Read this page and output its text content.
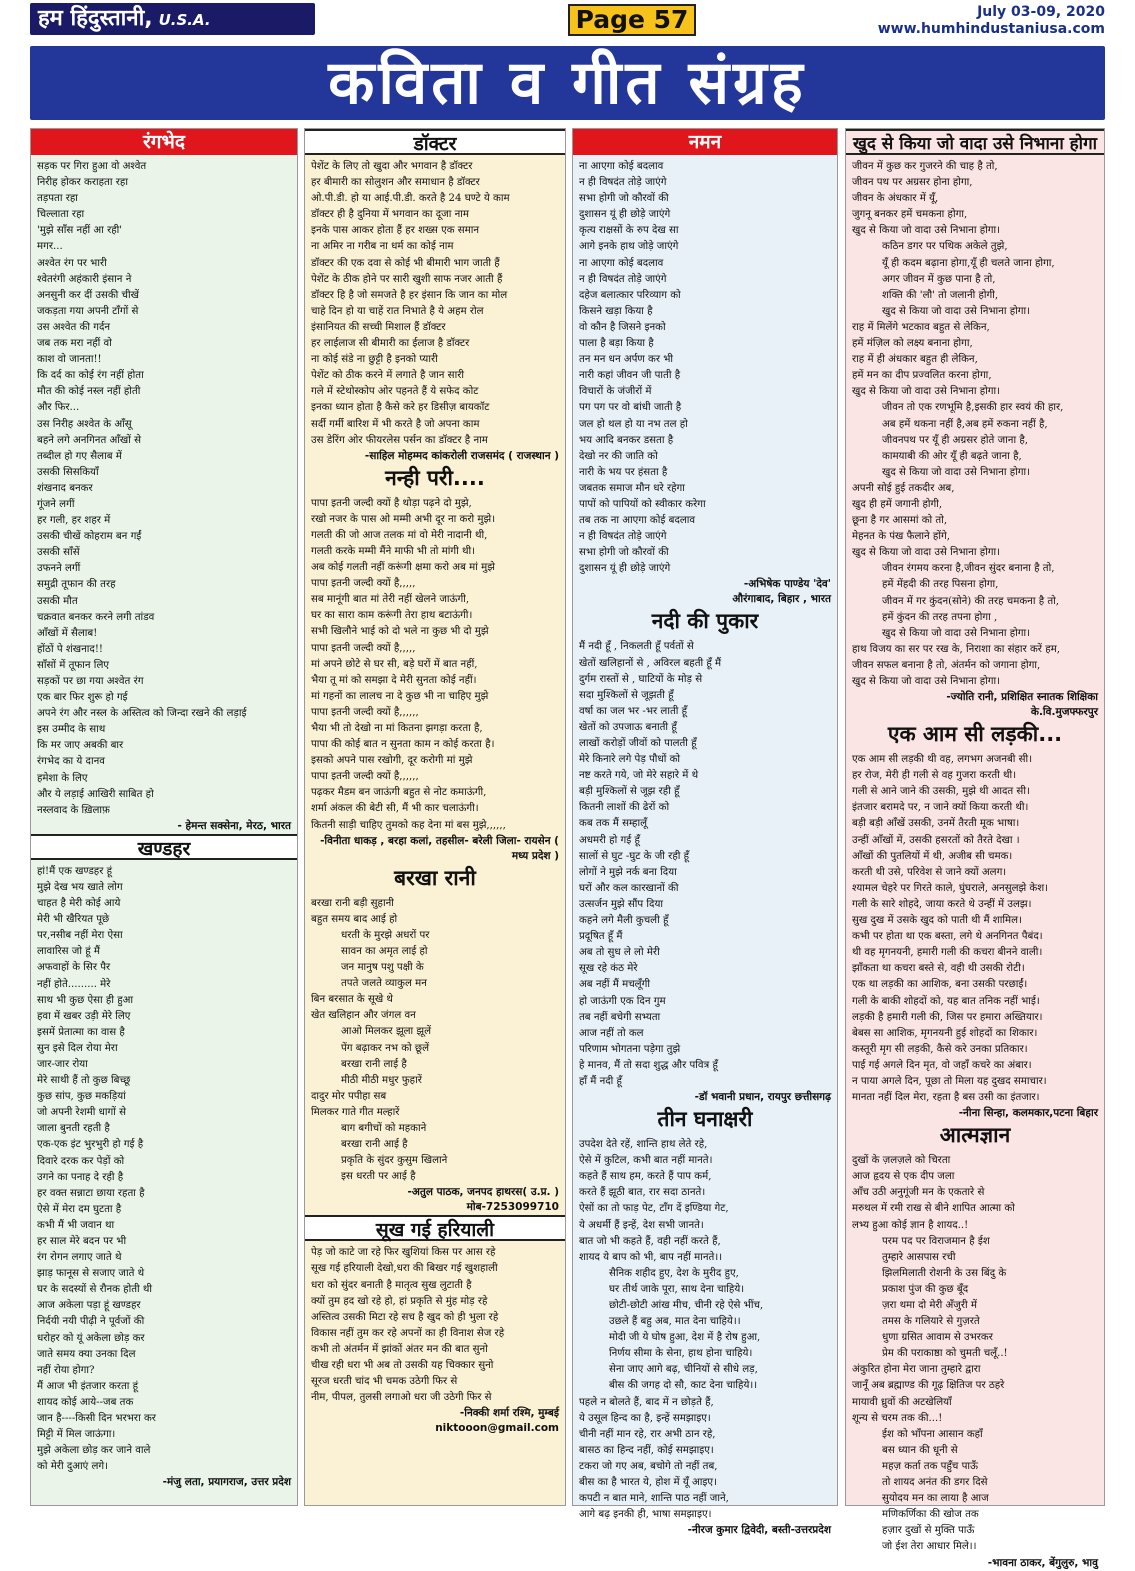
हम हिंदुस्तानी, U.S.A.	Page 57	July 03-09, 2020
www.humhindustaniusa.com
कविता व गीत संग्रह
रंगभेद
सड़क पर गिरा हुआ वो अश्वेत
निरीह होकर कराहता रहा
तड़पता रहा
चिल्लाता रहा
'मुझे साँस नहीं आ रही'
मगर...
अश्वेत रंग पर भारी
श्वेतरंगी अहंकारी इंसान ने
अनसुनी कर दीं उसकी चीखें
जकड़ता गया अपनी टाँगों से
उस अश्वेत की गर्दन
जब तक मरा नहीं वो
काश वो जानता!!
कि दर्द का कोई रंग नहीं होता
मौत की कोई नस्ल नहीं होती
और फिर...
उस निरीह अश्वेत के आँसू
बहने लगे अनगिनत आँखों से
तब्दील हो गए सैलाब में
उसकी सिसकियाँ
शंखनाद बनकर
गूंजने लगीं
हर गली, हर शहर में
उसकी चीखें कोहराम बन गईं
उसकी साँसें
उफनने लगीं
समुद्री तूफान की तरह
उसकी मौत
चक्रवात बनकर करने लगी तांडव
आँखों में सैलाब!
होंठों पे शंखनाद!!
साँसों में तूफान लिए
सड़कों पर छा गया अश्वेत रंग
एक बार फिर शुरू हो गई
अपने रंग और नस्ल के अस्तित्व को जिन्दा रखने की लड़ाई
इस उम्मीद के साथ
कि मर जाए अबकी बार
रंगभेद का ये दानव
हमेशा के लिए
और ये लड़ाई आखिरी साबित हो
नस्लवाद के ख़िलाफ़
- हेमन्त सक्सेना, मेरठ, भारत
खण्डहर
हां!मैं एक खण्डहर हूं
मुझे देख भय खाते लोग
चाहत है मेरी कोई आये
मेरी भी खैरियत पूछे
पर,नसीब नहीं मेरा ऐसा
लावारिस जो हूं मैं
अफवाहों के सिर पैर
नहीं होते......... मेरे
साथ भी कुछ ऐसा ही हुआ
हवा में खबर उड़ी मेरे लिए
इसमें प्रेतात्मा का वास है
सुन इसे दिल रोया मेरा
जार-जार रोया
मेरे साथी हैं तो कुछ बिच्छू
कुछ सांप, कुछ मकड़ियां
जो अपनी रेशमी धागों से
जाला बुनती रहती है
एक-एक इंट भुरभुरी हो गई है
दिवारे दरक कर पेड़ों को
उगने का पनाह दे रही है
हर वक्त सन्नाटा छाया रहता है
ऐसे में मेरा दम घुटता है
कभी मैं भी जवान था
हर साल मेरे बदन पर भी
रंग रोगन लगाए जाते थे
झाड़ फानूस से सजाए जाते थे
घर के सदस्यों से रौनक होती थी
आज अकेला पड़ा हूं खण्डहर
निर्दयी नयी पीढ़ी ने पूर्वजों की
धरोहर को यूं अकेला छोड़ कर
जाते समय क्या उनका दिल
नहीं रोया होगा?
मैं आज भी इंतजार करता हूं
शायद कोई आये--जब तक
जान है----किसी दिन भरभरा कर
मिट्टी में मिल जाऊंगा।
मुझे अकेला छोड़ कर जाने वाले
को मेरी दुआएं लगे।
-मंजु लता, प्रयागराज, उत्तर प्रदेश
डॉक्टर
पेशेंट के लिए तो खुदा और भगवान है डॉक्टर
हर बीमारी का सोलुशन और समाधान है डॉक्टर
ओ.पी.डी. हो या आई.पी.डी. करते है 24 घण्टे ये काम
डॉक्टर ही है दुनिया में भगवान का दूजा नाम
इनके पास आकर होता हैं हर शख्स एक समान
ना अमिर ना गरीब ना धर्म का कोई नाम
डॉक्टर की एक दवा से कोई भी बीमारी भाग जाती हैं
पेशेंट के ठीक होने पर सारी खुशी साफ नजर आती हैं
डॉक्टर हि है जो समजते है हर इंसान कि जान का मोल
चाहे दिन हो या चाहें रात निभाते है ये अहम रोल
इंसानियत की सच्ची मिशाल हैं डॉक्टर
हर लाईलाज सी बीमारी का ईलाज है डॉक्टर
ना कोई संडे ना छुट्टी है इनको प्यारी
पेशेंट को ठीक करने में लगाते है जान सारी
गले में स्टेथोस्कोप ओर पहनते हैं ये सफेद कोट
इनका ध्यान होता है कैसे करे हर डिसीज़ बायकॉट
सर्दी गर्मी बारिश में भी करते है जो अपना काम
उस डेरिंग ओर फीयरलेस पर्सन का डॉक्टर है नाम
-साहिल मोहम्मद कांकरोली राजसमंद ( राजस्थान )
नन्ही परी....
पापा इतनी जल्दी क्यों है थोड़ा पढ़ने दो मुझे,
रखो नजर के पास ओ मम्मी अभी दूर ना करो मुझे।
गलती की जो आज तलक मां वो मेरी नादानी थी,
गलती करके मम्मी मैंने माफी भी तो मांगी थी।
अब कोई गलती नहीं करूंगी क्षमा करो अब मां मुझे
पापा इतनी जल्दी क्यों है,,,,,
सब मानूंगी बात मां तेरी नहीं खेलने जाऊंगी,
घर का सारा काम करूंगी तेरा हाथ बटाऊंगी।
सभी खिलौने भाई को दो भले ना कुछ भी दो मुझे
पापा इतनी जल्दी क्यों है,,,,,
मां अपने छोटे से घर सी, बड़े घरों में बात नहीं,
भैया तू मां को समझा दे मेरी सुनता कोई नहीं।
मां गहनों का लालच ना दे कुछ भी ना चाहिए मुझे
पापा इतनी जल्दी क्यों है,,,,,,
भैया भी तो देखो ना मां कितना झगड़ा करता है,
पापा की कोई बात न सुनता काम न कोई करता है।
इसको अपने पास रखोगी, दूर करोगी मां मुझे
पापा इतनी जल्दी क्यों है,,,,,,
पढ़कर मैडम बन जाऊंगी बहुत से नोट कमाऊंगी,
शर्मा अंकल की बेटी सी, मैं भी कार चलाऊंगी।
कितनी साड़ी चाहिए तुमको कह देना मां बस मुझे,,,,,,
-विनीता धाकड़ , बरहा कलां, तहसील- बरेली जिला- रायसेन ( मध्य प्रदेश )
बरखा रानी
बरखा रानी बड़ी सुहानी
बहुत समय बाद आई हो
धरती के मुरझे अधरों पर
सावन का अमृत लाई हो
जन मानुष पशु पक्षी के
तपते जलते व्याकुल मन
बिन बरसात के सूखे थे
खेत खलिहान और जंगल वन
आओ मिलकर झूला झूलें
पेंग बढ़ाकर नभ को छूलें
बरखा रानी लाई है
मीठी मीठी मधुर फुहारें
दादुर मोर पपीहा सब
मिलकर गाते गीत मल्हारें
बाग बगीचों को महकाने
बरखा रानी आई है
प्रकृति के सुंदर कुसुम खिलाने
इस धरती पर आई है
-अतुल पाठक, जनपद हाथरस( उ.प्र. )
मोब-7253099710
सूख गई हरियाली
पेड़ जो काटे जा रहे फिर खुशियां किस पर आस रहे
सूख गई हरियाली देखो,धरा की बिखर गई खुशहाली
धरा को सुंदर बनाती है मातृत्व सुख लुटाती है
क्यों तुम हद खो रहे हो, हां प्रकृति से मुंह मोड़ रहे
अस्तित्व उसकी मिटा रहे सच है खुद को ही भुला रहे
विकास नहीं तुम कर रहे अपनों का ही विनाश सेज रहे
कभी तो अंतर्मन में झांकों अंतर मन की बात सुनो
चीख रही धरा भी अब तो उसकी यह चिक्कार सुनो
सूरज धरती चांद भी चमक उठेगी फिर से
नीम, पीपल, तुलसी लगाओ धरा जी उठेगी फिर से
-निक्की शर्मा रश्मि, मुम्बई
niktooon@gmail.com
नमन
ना आएगा कोई बदलाव
न ही विषदंत तोड़े जाएंगे
सभा होगी जो कौरवों की
दुशासन यूं ही छोड़े जाएंगे
कृत्य राक्षसों के रुप देख सा
आगे इनके हाथ जोड़े जाएंगे
ना आएगा कोई बदलाव
न ही विषदंत तोड़े जाएंगे
दहेज बलात्कार परिव्याग को
किसने खड़ा किया है
वो कौन है जिसने इनको
पाला है बड़ा किया है
तन मन धन अर्पण कर भी
नारी कहां जीवन जी पाती है
विचारों के जंजीरों में
पग पग पर वो बांधी जाती है
जल हो थल हो या नभ तल हो
भय आदि बनकर डसता है
देखो नर की जाति को
नारी के भय पर हंसता है
जबतक समाज मौन धरे रहेगा
पापों को पापियों को स्वीकार करेगा
तब तक ना आएगा कोई बदलाव
न ही विषदंत तोड़े जाएंगे
सभा होगी जो कौरवों की
दुशासन यूं ही छोड़े जाएंगे
-अभिषेक पाण्डेय 'देव'
औरंगाबाद, बिहार , भारत
नदी की पुकार
मैं नदी हूँ , निकलती हूँ पर्वतों से
खेतों खलिहानों से , अविरल बहती हूँ मैं
दुर्गम रास्तों से , घाटियों के मोड़ से
सदा मुश्किलों से जूझती हूँ
वर्षा का जल भर -भर लाती हूँ
खेतों को उपजाऊ बनाती हूँ
लाखों करोड़ों जीवों को पालती हूँ
मेरे किनारे लगे पेड़ पौधों को
नष्ट करते गये, जो मेरे सहारे में थे
बड़ी मुश्किलों से जूझ रही हूँ
कितनी लाशों की ढेरों को
कब तक मैं सम्हालूँ
अधमरी हो गई हूँ
सालों से घुट -घुट के जी रही हूँ
लोगों ने मुझे नर्क बना दिया
घरों और कल कारखानों की
उत्सर्जन मुझे सौंप दिया
कहने लगे मैली कुचली हूँ
प्रदूषित हूँ मैं
अब तो सुध ले लो मेरी
सूख रहे कंठ मेरे
अब नहीं मैं मचलूँगी
हो जाऊंगी एक दिन गुम
तब नहीं बचेगी सभ्यता
आज नहीं तो कल
परिणाम भोगतना पड़ेगा तुझे
हे मानव, मैं तो सदा शुद्ध और पवित्र हूँ
हाँ मैं नदी हूँ
-डॉ भवानी प्रधान, रायपुर छत्तीसगढ़
तीन घनाक्षरी
उपदेश देते रहें, शान्ति हाथ लेते रहे,
ऐसे में कुटिल, कभी बात नहीं मानते।
कहते हैं साथ हम, करते हैं पाप कर्म,
करते हैं झूठी बात, रार सदा ठानते।
ऐसों का तो फाड़ पेट, टाँग दें इण्डिया गेट,
ये अधर्मी हैं इन्हें, देश सभी जानते।
बात जो भी कहते हैं, वही नहीं करते हैं,
शायद ये बाप को भी, बाप नहीं मानते।।
सैनिक शहीद हुए, देश के मुरीद हुए,
घर तीर्थ जाके पूरा, साथ देना चाहिये।
छोटी-छोटी आंख मीच, चीनी रहे ऐसे भींच,
उछले हैं बहु अब, मात देना चाहिये।।
मोदी जी ये घोष हुआ, देश में है रोष हुआ,
निर्णय सीमा के सेना, हाथ होना चाहिये।
सेना जाए आगे बढ़, चीनियों से सीधे लड़,
बीस की जगह दो सौ, काट देना चाहिये।।
पहले न बोलते हैं, बाद में न छोड़ते हैं,
ये उसूल हिन्द का है, इन्हें समझाइए।
चीनी नहीं मान रहे, रार अभी ठान रहे,
बासठ का हिन्द नहीं, कोई समझाइए।
टकरा जो गए अब, बचोगे तो नहीं तब,
बीस का है भारत ये, होश में यूँ आइए।
कपटी न बात माने, शान्ति पाठ नहीं जाने,
आगे बढ़ इनकी ही, भाषा समझाइए।
-नीरज कुमार द्विवेदी, बस्ती-उत्तरप्रदेश
खुद से किया जो वादा उसे निभाना होगा
जीवन में कुछ कर गुजरने की चाह है तो,
जीवन पथ पर अग्रसर होना होगा,
जीवन के अंधकार में यूँ,
जुगनू बनकर हमें चमकना होगा,
खुद से किया जो वादा उसे निभाना होगा।
कठिन डगर पर पथिक अकेले तुझे,
यूँ ही कदम बढ़ाना होगा,यूँ ही चलते जाना होगा,
अगर जीवन में कुछ पाना है तो,
शक्ति की 'लौ' तो जलानी होगी,
खुद से किया जो वादा उसे निभाना होगा।
राह में मिलेंगे भटकाव बहुत से लेकिन,
हमें मंज़िल को लक्ष्य बनाना होगा,
राह में ही अंधकार बहुत ही लेकिन,
हमें मन का दीप प्रज्वलित करना होगा,
खुद से किया जो वादा उसे निभाना होगा।
जीवन तो एक रणभूमि है,इसकी हार स्वयं की हार,
अब हमें थकना नहीं है,अब हमें रुकना नहीं है,
जीवनपथ पर यूँ ही अग्रसर होते जाना है,
कामयाबी की ओर यूँ ही बढ़ते जाना है,
खुद से किया जो वादा उसे निभाना होगा।
अपनी सोई हुई तकदीर अब,
खुद ही हमें जगानी होगी,
छूना है गर आसमां को तो,
मेहनत के पंख फैलाने होंगे,
खुद से किया जो वादा उसे निभाना होगा।
जीवन रंगमय करना है,जीवन सुंदर बनाना है तो,
हमें मेंहदी की तरह पिसना होगा,
जीवन में गर कुंदन(सोने) की तरह चमकना है तो,
हमें कुंदन की तरह तपना होगा ,
खुद से किया जो वादा उसे निभाना होगा।
हाथ विजय का सर पर रख के, निराशा का संहार करें हम,
जीवन सफल बनाना है तो, अंतर्मन को जगाना होगा,
खुद से किया जो वादा उसे निभाना होगा।
-ज्योति रानी, प्रशिक्षित स्नातक शिक्षिका
के.वि.मुजफ्फरपुर
एक आम सी लड़की...
एक आम सी लड़की थी वह, लगभग अजनबी सी।
हर रोज, मेरी ही गली से वह गुजरा करती थी।
गली से आने जाने की उसकी, मुझे थी आदत सी।
इंतजार बरामदे पर, न जाने क्यों किया करती थी।
बड़ी बड़ी आँखें उसकी, उनमें तैरती मूक भाषा।
उन्हीं आँखों में, उसकी हसरतों को तैरते देखा ।
आँखों की पुतलियों में थी, अजीब सी चमक।
करती थी उसे, परिवेश से जाने क्यों अलग।
श्यामल चेहरे पर गिरते काले, घुंघराले, अनसुलझे केश।
गली के सारे शोहदे, जाया करते थे उन्हीं में उलझ।
सुख दुख में उसके खुद को पाती थी मैं शामिल।
कभी पर होता था एक बस्ता, लगे थे अनगिनत पैबंद।
थी वह मृगनयनी, हमारी गली की कचरा बीनने वाली।
झाँकता था कचरा बस्ते से, वही थी उसकी रोटी।
एक था लड़की का आशिक, बना उसकी परछाईं।
गली के बाकी शोहदों को, यह बात तनिक नहीं भाई।
लड़की है हमारी गली की, जिस पर हमारा अख्तियार।
बेबस सा आशिक, मृगनयनी हुई शोहदों का शिकार।
कस्तूरी मृग सी लड़की, कैसे करे उनका प्रतिकार।
पाई गई अगले दिन मृत, वो जहाँ कचरे का अंबार।
न पाया अगले दिन, पूछा तो मिला यह दुखद समाचार।
मानता नहीं दिल मेरा, रहता है बस उसी का इंतजार।
-नीना सिन्हा, कलमकार,पटना बिहार
आत्मज्ञान
दुखों के ज़लज़ले को चिरता
आज हृदय से एक दीप जला
आँच उठी अनुगूंजी मन के एकतारे से
मरुथल में रमी राख से बीने शापित आत्मा को
लभ्य हुआ कोई ज्ञान है शायद..!
परम पद पर विराजमान है ईश
तुम्हारे आसपास रची
झिलमिलाती रोशनी के उस बिंदु के
प्रकाश पुंज की कुछ बूँद
ज़रा थमा दो मेरी अँजुरी में
तमस के गलियारे से गुज़रते
धुणा ग्रसित आवाम से उभरकर
प्रेम की पराकाष्ठा को चुमती चलूँ..!
अंकुरित होना मेरा जाना तुम्हारे द्वारा
जानूँ अब ब्रह्माण्ड की गूढ़ क्षितिज पर ठहरे
मायावी ध्रुवों की अटखेलियाँ
शून्य से चरम तक की...!
ईश को भाँपना आसान कहाँ
बस ध्यान की धूनी से
महज़ कर्ता तक पहुँच पाऊँ
तो शायद अनंत की डगर दिसे
सुयोदय मन का लाया है आज
मणिकर्णिका की खोज तक
हज़ार दुखों से मुक्ति पाऊँ
जो ईश तेरा आधार मिले।।
-भावना ठाकर, बेंगुलुरु, भावु
